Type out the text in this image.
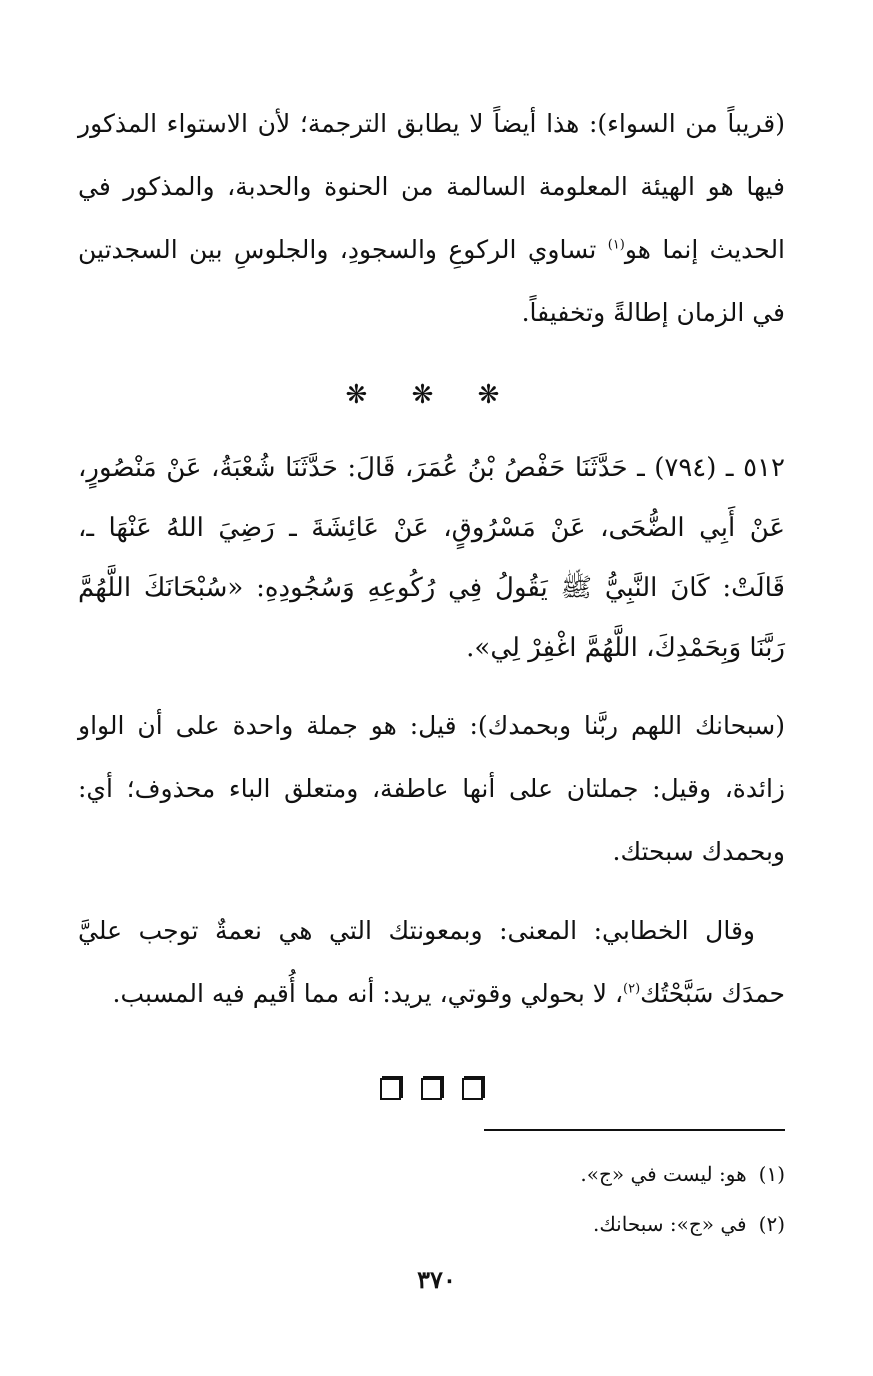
(قريباً من السواء): هذا أيضاً لا يطابق الترجمة؛ لأن الاستواء المذكور فيها هو الهيئة المعلومة السالمة من الحنوة والحدبة، والمذكور في الحديث إنما هو$^{(١)}$ تساوي الركوعِ والسجودِ، والجلوسِ بين السجدتين في الزمان إطالةً وتخفيفاً.

❋ ❋ ❋

٥١٢ ـ (٧٩٤) ـ حَدَّثَنَا حَفْصُ بْنُ عُمَرَ، قَالَ: حَدَّثَنَا شُعْبَةُ، عَنْ مَنْصُورٍ، عَنْ أَبِي الضُّحَى، عَنْ مَسْرُوقٍ، عَنْ عَائِشَةَ ـ رَضِيَ اللهُ عَنْهَا ـ، قَالَتْ: كَانَ النَّبِيُّ ﷺ يَقُولُ فِي رُكُوعِهِ وَسُجُودِهِ: «سُبْحَانَكَ اللَّهُمَّ رَبَّنَا وَبِحَمْدِكَ، اللَّهُمَّ اغْفِرْ لِي».

(سبحانك اللهم ربَّنا وبحمدك): قيل: هو جملة واحدة على أن الواو زائدة، وقيل: جملتان على أنها عاطفة، ومتعلق الباء محذوف؛ أي: وبحمدك سبحتك.

وقال الخطابي: المعنى: وبمعونتك التي هي نعمةٌ توجب عليَّ حمدَك سَبَّحْتُك$^{(٢)}$، لا بحولي وقوتي، يريد: أنه مما أُقيم فيه المسبب.

(١)هو: ليست في «ج».
(٢)في «ج»: سبحانك.
٣٧٠
